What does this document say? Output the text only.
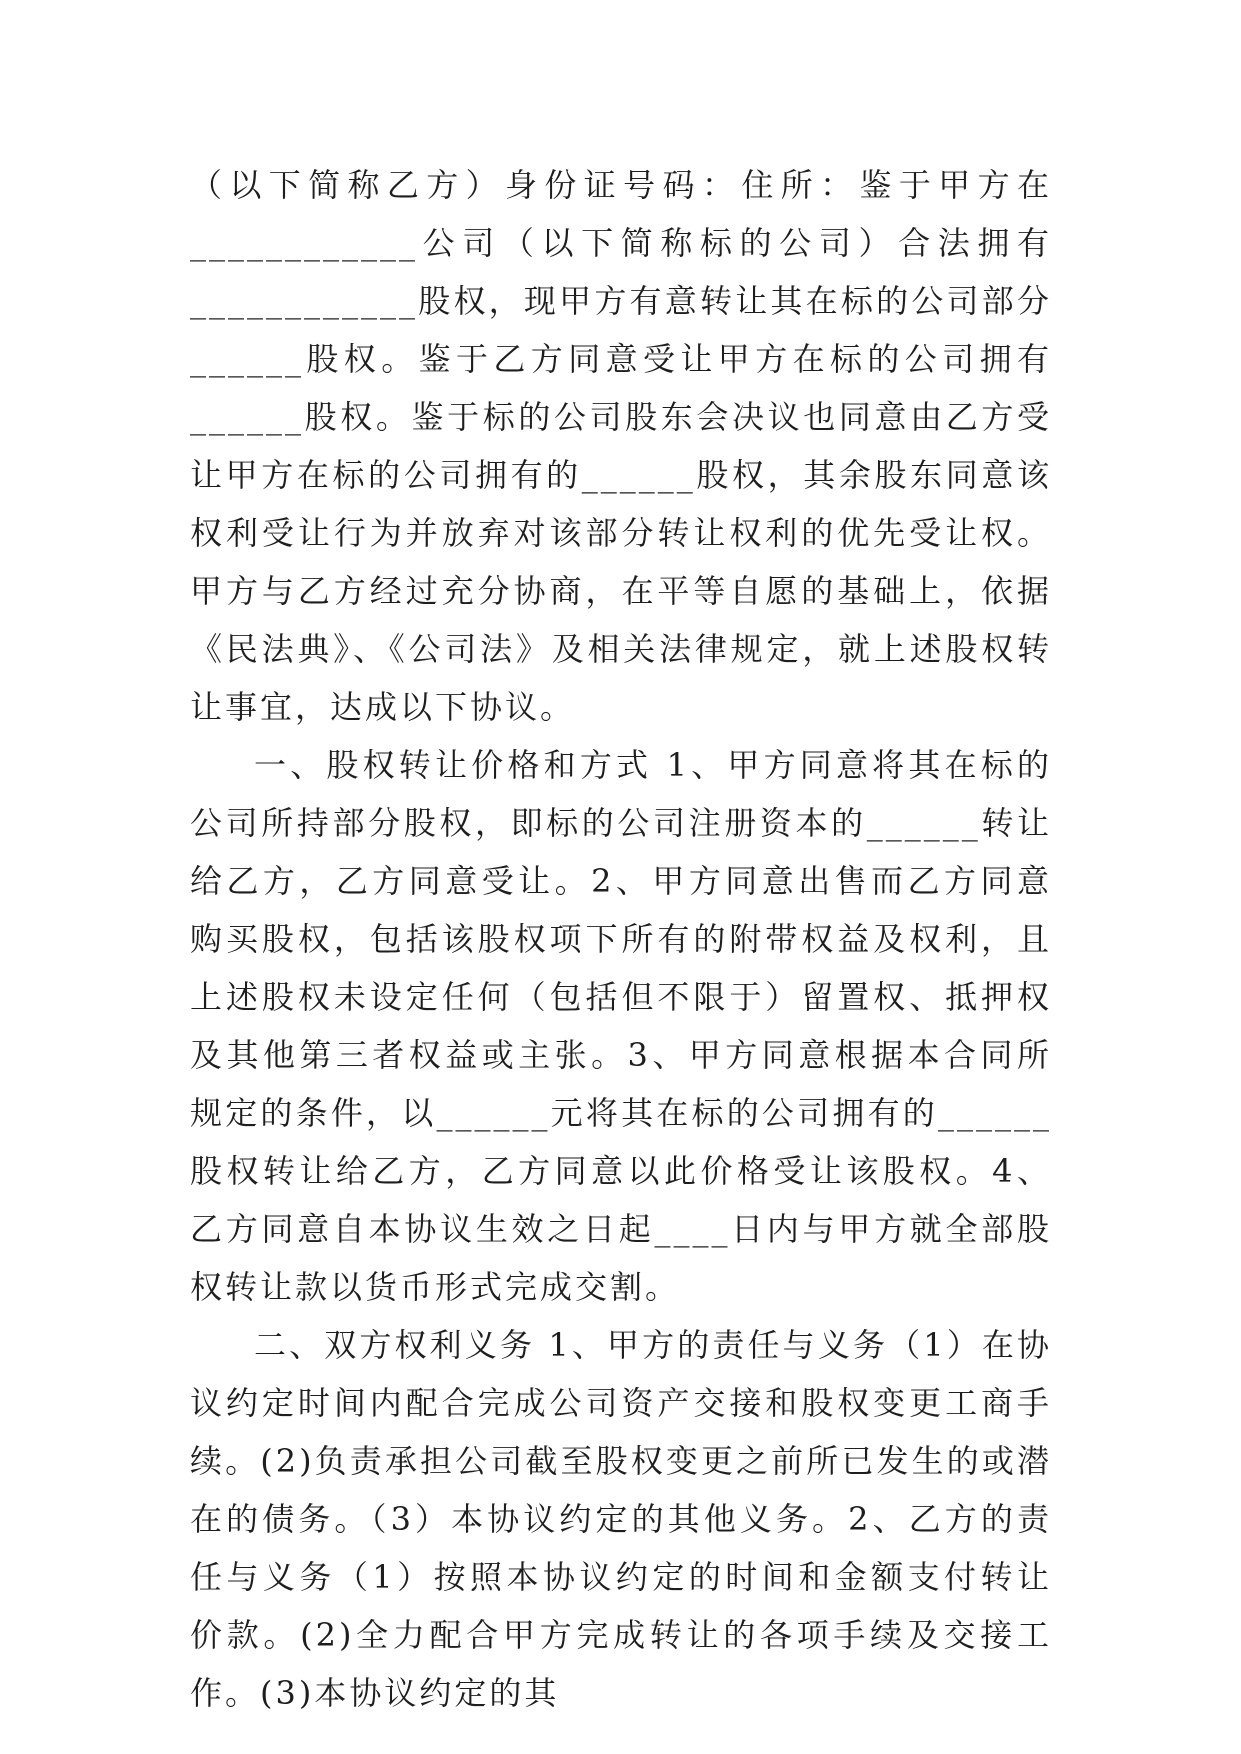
（以下简称乙方）身份证号码：住所：鉴于甲方在____________公司（以下简称标的公司）合法拥有____________股权，现甲方有意转让其在标的公司部分______股权。鉴于乙方同意受让甲方在标的公司拥有______股权。鉴于标的公司股东会决议也同意由乙方受让甲方在标的公司拥有的______股权，其余股东同意该权利受让行为并放弃对该部分转让权利的优先受让权。甲方与乙方经过充分协商，在平等自愿的基础上，依据《民法典》、《公司法》及相关法律规定，就上述股权转让事宜，达成以下协议。

一、股权转让价格和方式 1、甲方同意将其在标的公司所持部分股权，即标的公司注册资本的______转让给乙方，乙方同意受让。2、甲方同意出售而乙方同意购买股权，包括该股权项下所有的附带权益及权利，且上述股权未设定任何（包括但不限于）留置权、抵押权及其他第三者权益或主张。3、甲方同意根据本合同所规定的条件，以______元将其在标的公司拥有的______股权转让给乙方，乙方同意以此价格受让该股权。4、乙方同意自本协议生效之日起____日内与甲方就全部股权转让款以货币形式完成交割。

二、双方权利义务 1、甲方的责任与义务（1）在协议约定时间内配合完成公司资产交接和股权变更工商手续。(2)负责承担公司截至股权变更之前所已发生的或潜在的债务。（3）本协议约定的其他义务。2、乙方的责任与义务（1）按照本协议约定的时间和金额支付转让价款。(2)全力配合甲方完成转让的各项手续及交接工作。(3)本协议约定的其
